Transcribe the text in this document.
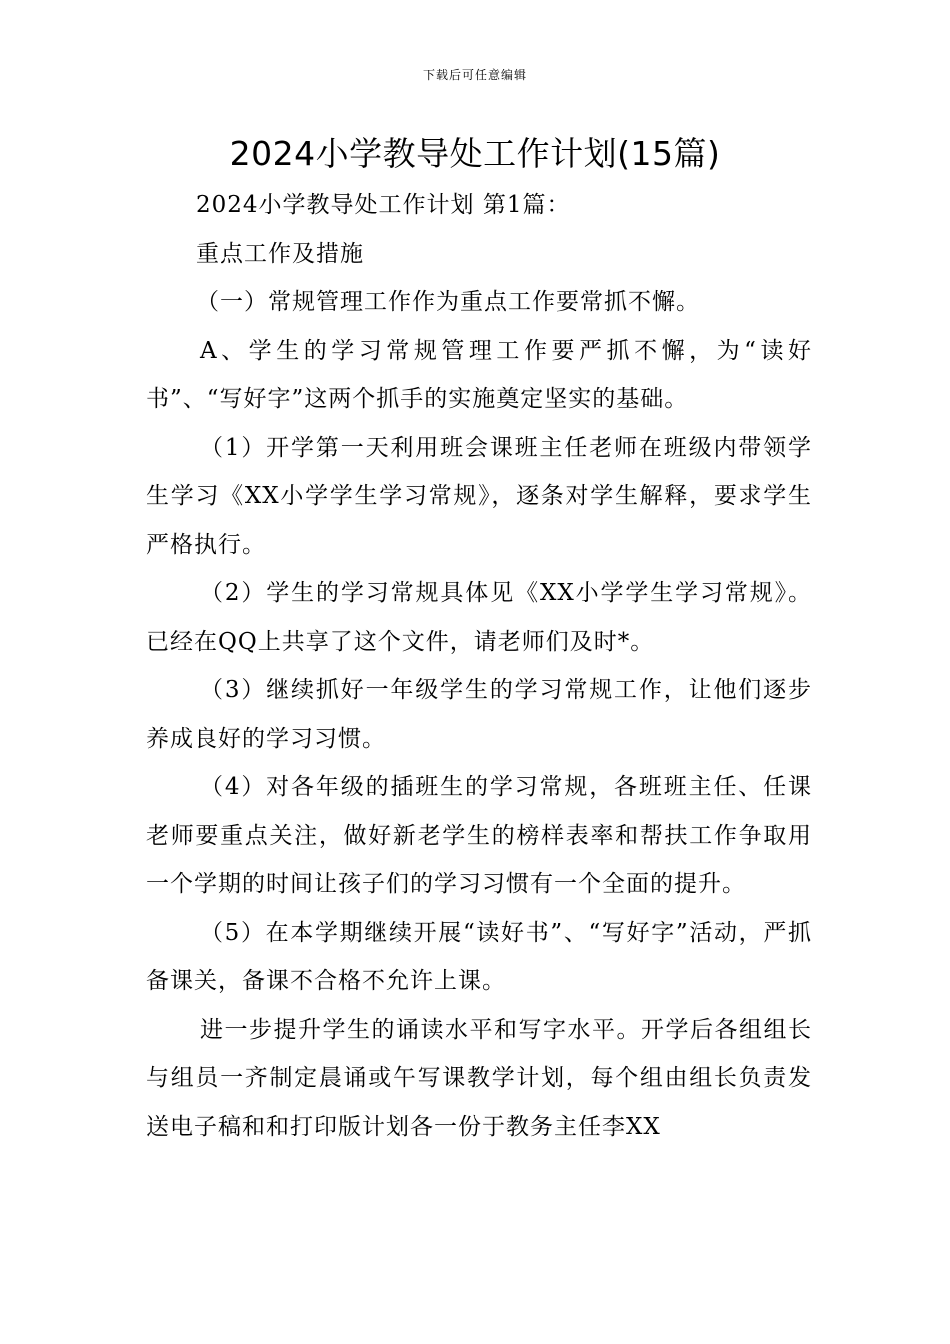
下载后可任意编辑
2024小学教导处工作计划(15篇)

2024小学教导处工作计划 第1篇：

重点工作及措施

（一）常规管理工作作为重点工作要常抓不懈。

A、学生的学习常规管理工作要严抓不懈，为“读好书”、“写好字”这两个抓手的实施奠定坚实的基础。

（1）开学第一天利用班会课班主任老师在班级内带领学生学习《XX小学学生学习常规》，逐条对学生解释，要求学生严格执行。

（2）学生的学习常规具体见《XX小学学生学习常规》。已经在QQ上共享了这个文件，请老师们及时*。

（3）继续抓好一年级学生的学习常规工作，让他们逐步养成良好的学习习惯。

（4）对各年级的插班生的学习常规，各班班主任、任课老师要重点关注，做好新老学生的榜样表率和帮扶工作争取用一个学期的时间让孩子们的学习习惯有一个全面的提升。

（5）在本学期继续开展“读好书”、“写好字”活动，严抓备课关，备课不合格不允许上课。

进一步提升学生的诵读水平和写字水平。开学后各组组长与组员一齐制定晨诵或午写课教学计划，每个组由组长负责发送电子稿和和打印版计划各一份于教务主任李XX
